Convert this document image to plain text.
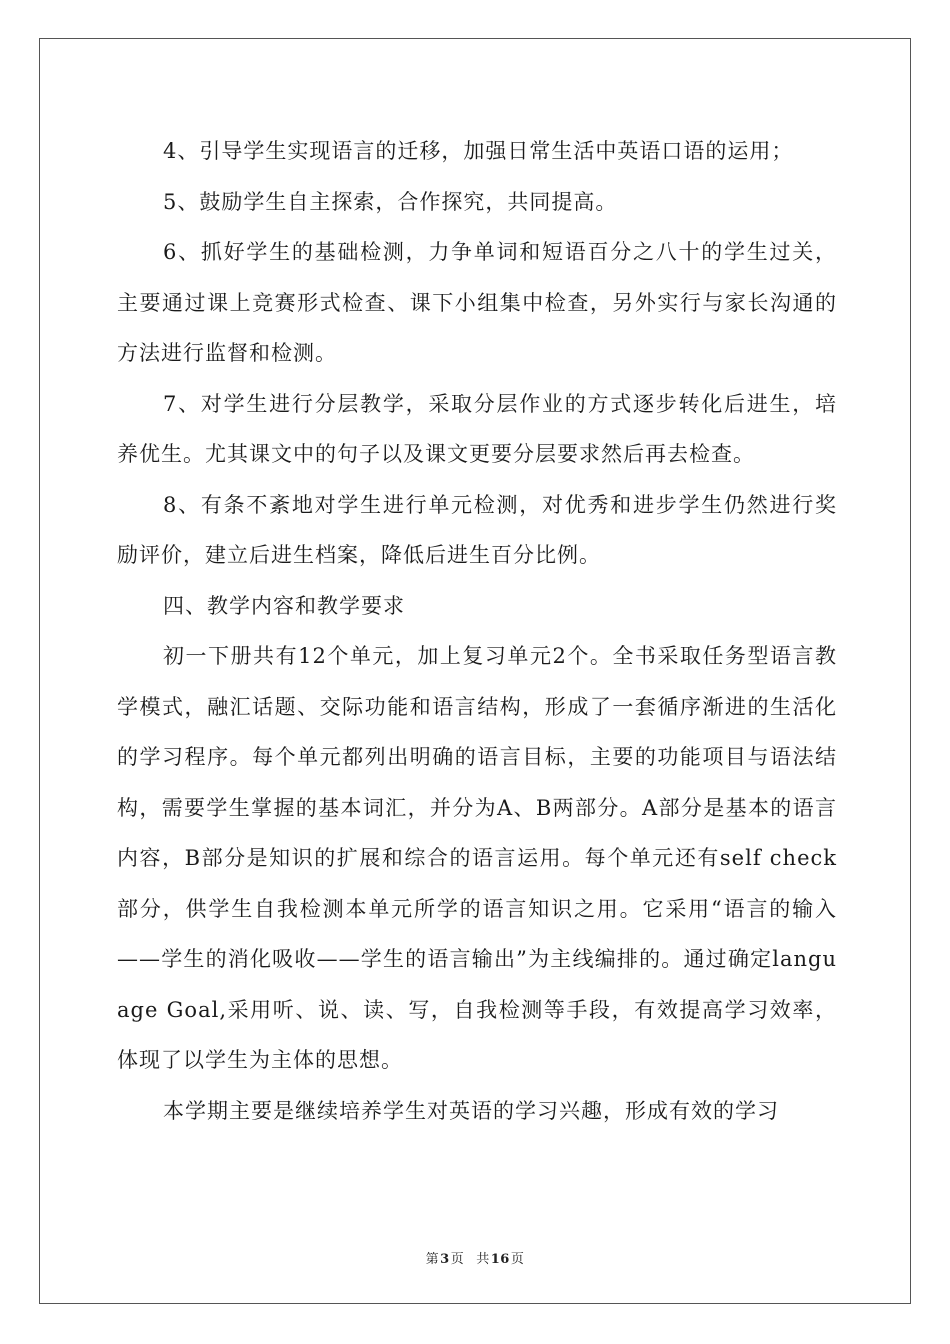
4、引导学生实现语言的迁移，加强日常生活中英语口语的运用；

5、鼓励学生自主探索，合作探究，共同提高。

6、抓好学生的基础检测，力争单词和短语百分之八十的学生过关，主要通过课上竞赛形式检查、课下小组集中检查，另外实行与家长沟通的方法进行监督和检测。

7、对学生进行分层教学，采取分层作业的方式逐步转化后进生，培养优生。尤其课文中的句子以及课文更要分层要求然后再去检查。

8、有条不紊地对学生进行单元检测，对优秀和进步学生仍然进行奖励评价，建立后进生档案，降低后进生百分比例。

四、教学内容和教学要求

初一下册共有12个单元，加上复习单元2个。全书采取任务型语言教学模式，融汇话题、交际功能和语言结构，形成了一套循序渐进的生活化的学习程序。每个单元都列出明确的语言目标，主要的功能项目与语法结构，需要学生掌握的基本词汇，并分为A、B两部分。A部分是基本的语言内容，B部分是知识的扩展和综合的语言运用。每个单元还有self check部分，供学生自我检测本单元所学的语言知识之用。它采用“语言的输入——学生的消化吸收——学生的语言输出”为主线编排的。通过确定language Goal,采用听、说、读、写，自我检测等手段，有效提高学习效率，体现了以学生为主体的思想。

本学期主要是继续培养学生对英语的学习兴趣，形成有效的学习

第3页 共16页
